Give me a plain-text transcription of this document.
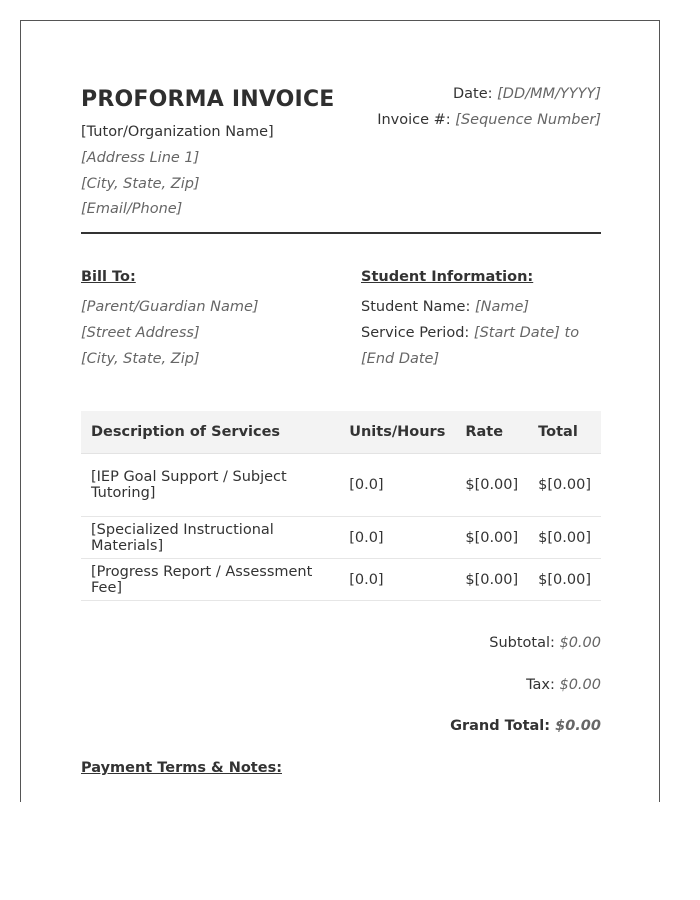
PROFORMA INVOICE
[Tutor/Organization Name]
[Address Line 1]
[City, State, Zip]
[Email/Phone]
Date: [DD/MM/YYYY]
Invoice #: [Sequence Number]
Bill To:
[Parent/Guardian Name]
[Street Address]
[City, State, Zip]
Student Information:
Student Name: [Name]
Service Period: [Start Date] to
[End Date]
Description of Services	Units/Hours	Rate	Total

[IEP Goal Support / Subject
Tutoring]	[0.0]	$[0.00]	$[0.00]
[Specialized Instructional Materials]	[0.0]	$[0.00]	$[0.00]
[Progress Report / Assessment Fee]	[0.0]	$[0.00]	$[0.00]
Subtotal: $0.00
Tax: $0.00
Grand Total: $0.00
Payment Terms & Notes:
